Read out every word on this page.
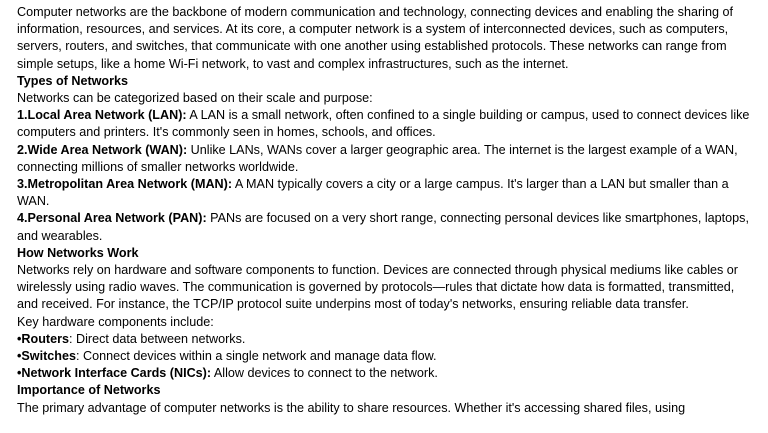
Computer networks are the backbone of modern communication and technology, connecting devices and enabling the sharing of information, resources, and services. At its core, a computer network is a system of interconnected devices, such as computers, servers, routers, and switches, that communicate with one another using established protocols. These networks can range from simple setups, like a home Wi-Fi network, to vast and complex infrastructures, such as the internet.

Types of Networks

Networks can be categorized based on their scale and purpose:

1.Local Area Network (LAN): A LAN is a small network, often confined to a single building or campus, used to connect devices like computers and printers. It's commonly seen in homes, schools, and offices.

2.Wide Area Network (WAN): Unlike LANs, WANs cover a larger geographic area. The internet is the largest example of a WAN, connecting millions of smaller networks worldwide.

3.Metropolitan Area Network (MAN): A MAN typically covers a city or a large campus. It's larger than a LAN but smaller than a WAN.

4.Personal Area Network (PAN): PANs are focused on a very short range, connecting personal devices like smartphones, laptops, and wearables.

How Networks Work

Networks rely on hardware and software components to function. Devices are connected through physical mediums like cables or wirelessly using radio waves. The communication is governed by protocols—rules that dictate how data is formatted, transmitted, and received. For instance, the TCP/IP protocol suite underpins most of today's networks, ensuring reliable data transfer.

Key hardware components include:

•Routers: Direct data between networks.

•Switches: Connect devices within a single network and manage data flow.

•Network Interface Cards (NICs): Allow devices to connect to the network.

Importance of Networks

The primary advantage of computer networks is the ability to share resources. Whether it's accessing shared files, using
